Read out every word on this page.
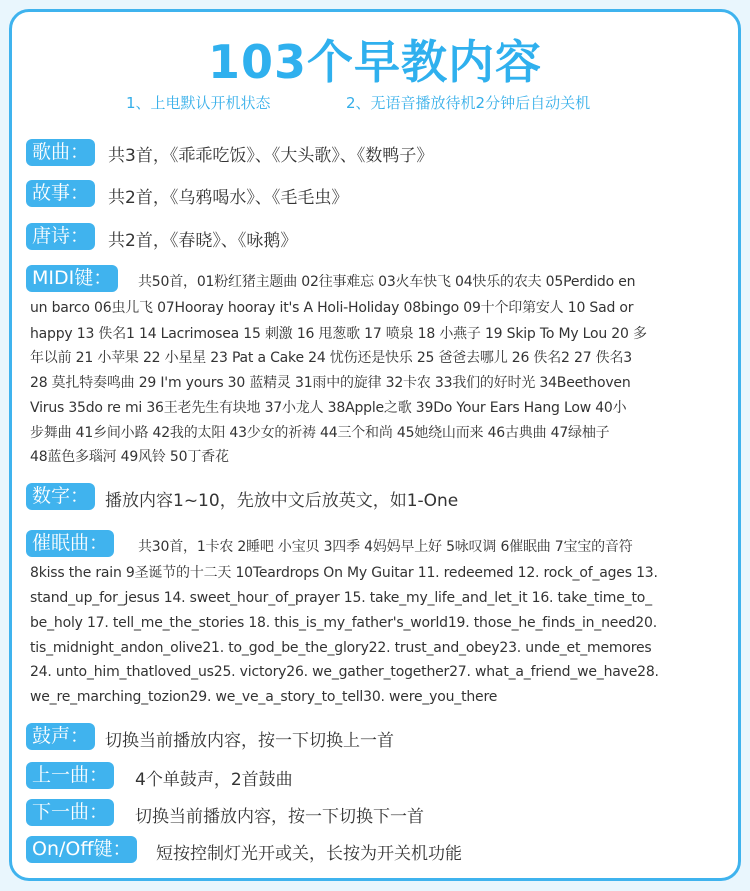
103个早教内容
1、上电默认开机状态	2、无语音播放待机2分钟后自动关机
歌曲：	共3首，《乖乖吃饭》、《大头歌》、《数鸭子》
故事：	共2首，《乌鸦喝水》、《毛毛虫》
唐诗：	共2首，《春晓》、《咏鹅》
MIDI键：	共50首，01粉红猪主题曲 02往事难忘 03火车快飞 04快乐的农夫 05Perdido en
un barco 06虫儿飞 07Hooray hooray it's A Holi-Holiday 08bingo 09十个印第安人 10 Sad or
happy 13 佚名1 14 Lacrimosea 15 刺激 16 甩葱歌 17 喷泉 18 小燕子 19 Skip To My Lou 20 多
年以前 21 小苹果 22 小星星 23 Pat a Cake 24 忧伤还是快乐 25 爸爸去哪儿 26 佚名2 27 佚名3
28 莫扎特奏鸣曲 29 I'm yours 30 蓝精灵 31雨中的旋律 32卡农 33我们的好时光 34Beethoven
Virus 35do re mi 36王老先生有块地 37小龙人 38Apple之歌 39Do Your Ears Hang Low 40小
步舞曲 41乡间小路 42我的太阳 43少女的祈祷 44三个和尚 45她绕山而来 46古典曲 47绿柚子
48蓝色多瑙河 49风铃 50丁香花
数字： 播放内容1~10，先放中文后放英文，如1-One
催眠曲：	共30首，1卡农 2睡吧 小宝贝 3四季 4妈妈早上好 5咏叹调 6催眠曲 7宝宝的音符
8kiss the rain 9圣诞节的十二天 10Teardrops On My Guitar 11. redeemed 12. rock_of_ages 13.
stand_up_for_jesus 14. sweet_hour_of_prayer 15. take_my_life_and_let_it 16. take_time_to_
be_holy 17. tell_me_the_stories 18. this_is_my_father's_world19. those_he_finds_in_need20.
tis_midnight_andon_olive21. to_god_be_the_glory22. trust_and_obey23. unde_et_memores
24. unto_him_thatloved_us25. victory26. we_gather_together27. what_a_friend_we_have28.
we_re_marching_tozion29. we_ve_a_story_to_tell30. were_you_there
鼓声： 切换当前播放内容，按一下切换上一首
上一曲：	4个单鼓声，2首鼓曲
下一曲：	切换当前播放内容，按一下切换下一首
On/Off键：	短按控制灯光开或关，长按为开关机功能
